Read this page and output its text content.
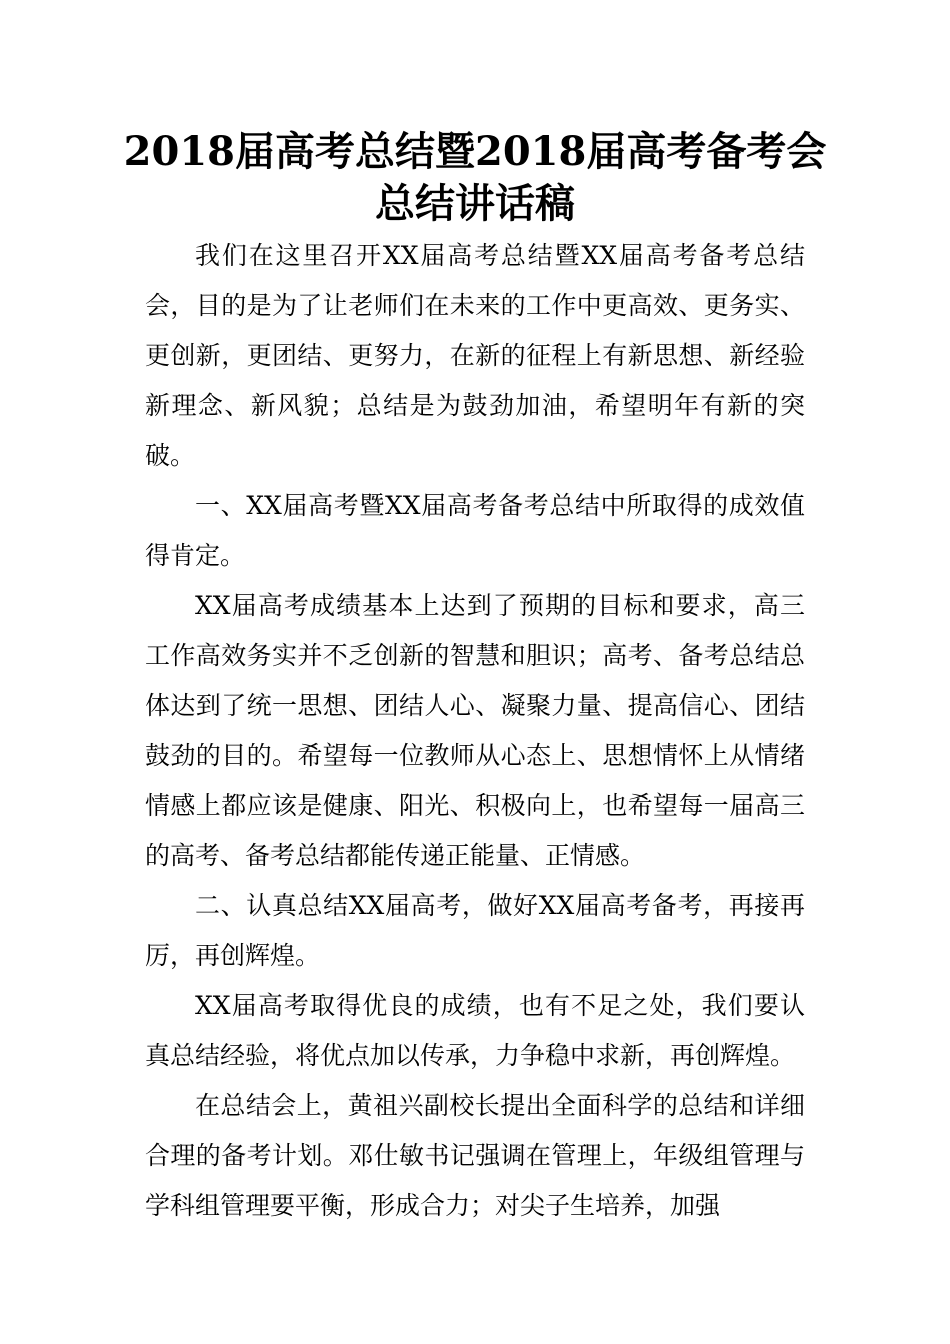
2018届高考总结暨2018届高考备考会
总结讲话稿

我们在这里召开XX届高考总结暨XX届高考备考总结会，目的是为了让老师们在未来的工作中更高效、更务实、更创新，更团结、更努力，在新的征程上有新思想、新经验新理念、新风貌；总结是为鼓劲加油，希望明年有新的突破。

一、XX届高考暨XX届高考备考总结中所取得的成效值得肯定。

XX届高考成绩基本上达到了预期的目标和要求，高三工作高效务实并不乏创新的智慧和胆识；高考、备考总结总体达到了统一思想、团结人心、凝聚力量、提高信心、团结鼓劲的目的。希望每一位教师从心态上、思想情怀上从情绪情感上都应该是健康、阳光、积极向上，也希望每一届高三的高考、备考总结都能传递正能量、正情感。

二、认真总结XX届高考，做好XX届高考备考，再接再厉，再创辉煌。

XX届高考取得优良的成绩，也有不足之处，我们要认真总结经验，将优点加以传承，力争稳中求新，再创辉煌。

在总结会上，黄祖兴副校长提出全面科学的总结和详细合理的备考计划。邓仕敏书记强调在管理上，年级组管理与学科组管理要平衡，形成合力；对尖子生培养，加强
